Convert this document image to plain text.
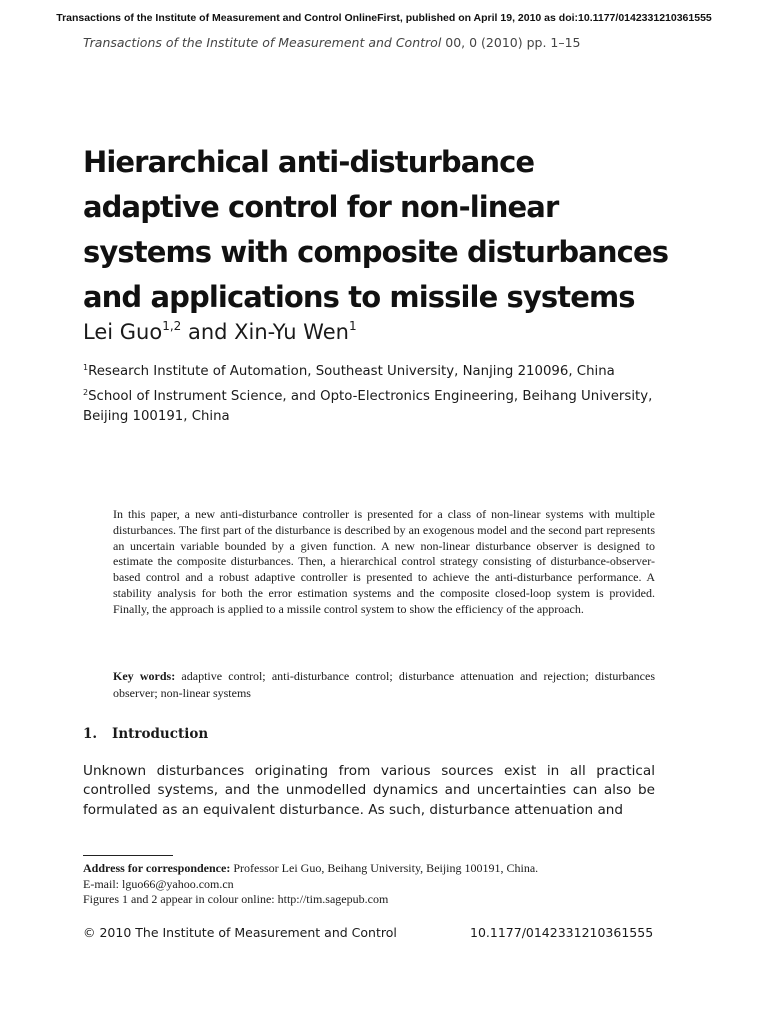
Transactions of the Institute of Measurement and Control OnlineFirst, published on April 19, 2010 as doi:10.1177/0142331210361555
Transactions of the Institute of Measurement and Control 00, 0 (2010) pp. 1–15
Hierarchical anti-disturbance
adaptive control for non-linear
systems with composite disturbances
and applications to missile systems
Lei Guo$^{1,2}$ and Xin-Yu Wen$^1$
$^1$Research Institute of Automation, Southeast University, Nanjing 210096, China
$^2$School of Instrument Science, and Opto-Electronics Engineering, Beihang University,
Beijing 100191, China

In this paper, a new anti-disturbance controller is presented for a class of non-linear systems with multiple disturbances. The first part of the disturbance is described by an exogenous model and the second part represents an uncertain variable bounded by a given function. A new non-linear disturbance observer is designed to estimate the composite disturbances. Then, a hierarchical control strategy consisting of disturbance-observer-based control and a robust adaptive controller is presented to achieve the anti-disturbance performance. A stability analysis for both the error estimation systems and the composite closed-loop system is provided. Finally, the approach is applied to a missile control system to show the efficiency of the approach.

Key words: adaptive control; anti-disturbance control; disturbance attenuation and rejection; disturbances observer; non-linear systems

1. Introduction

Unknown disturbances originating from various sources exist in all practical controlled systems, and the unmodelled dynamics and uncertainties can also be formulated as an equivalent disturbance. As such, disturbance attenuation and

Address for correspondence: Professor Lei Guo, Beihang University, Beijing 100191, China.
E-mail: lguo66@yahoo.com.cn
Figures 1 and 2 appear in colour online: http://tim.sagepub.com
© 2010 The Institute of Measurement and Control	10.1177/0142331210361555
